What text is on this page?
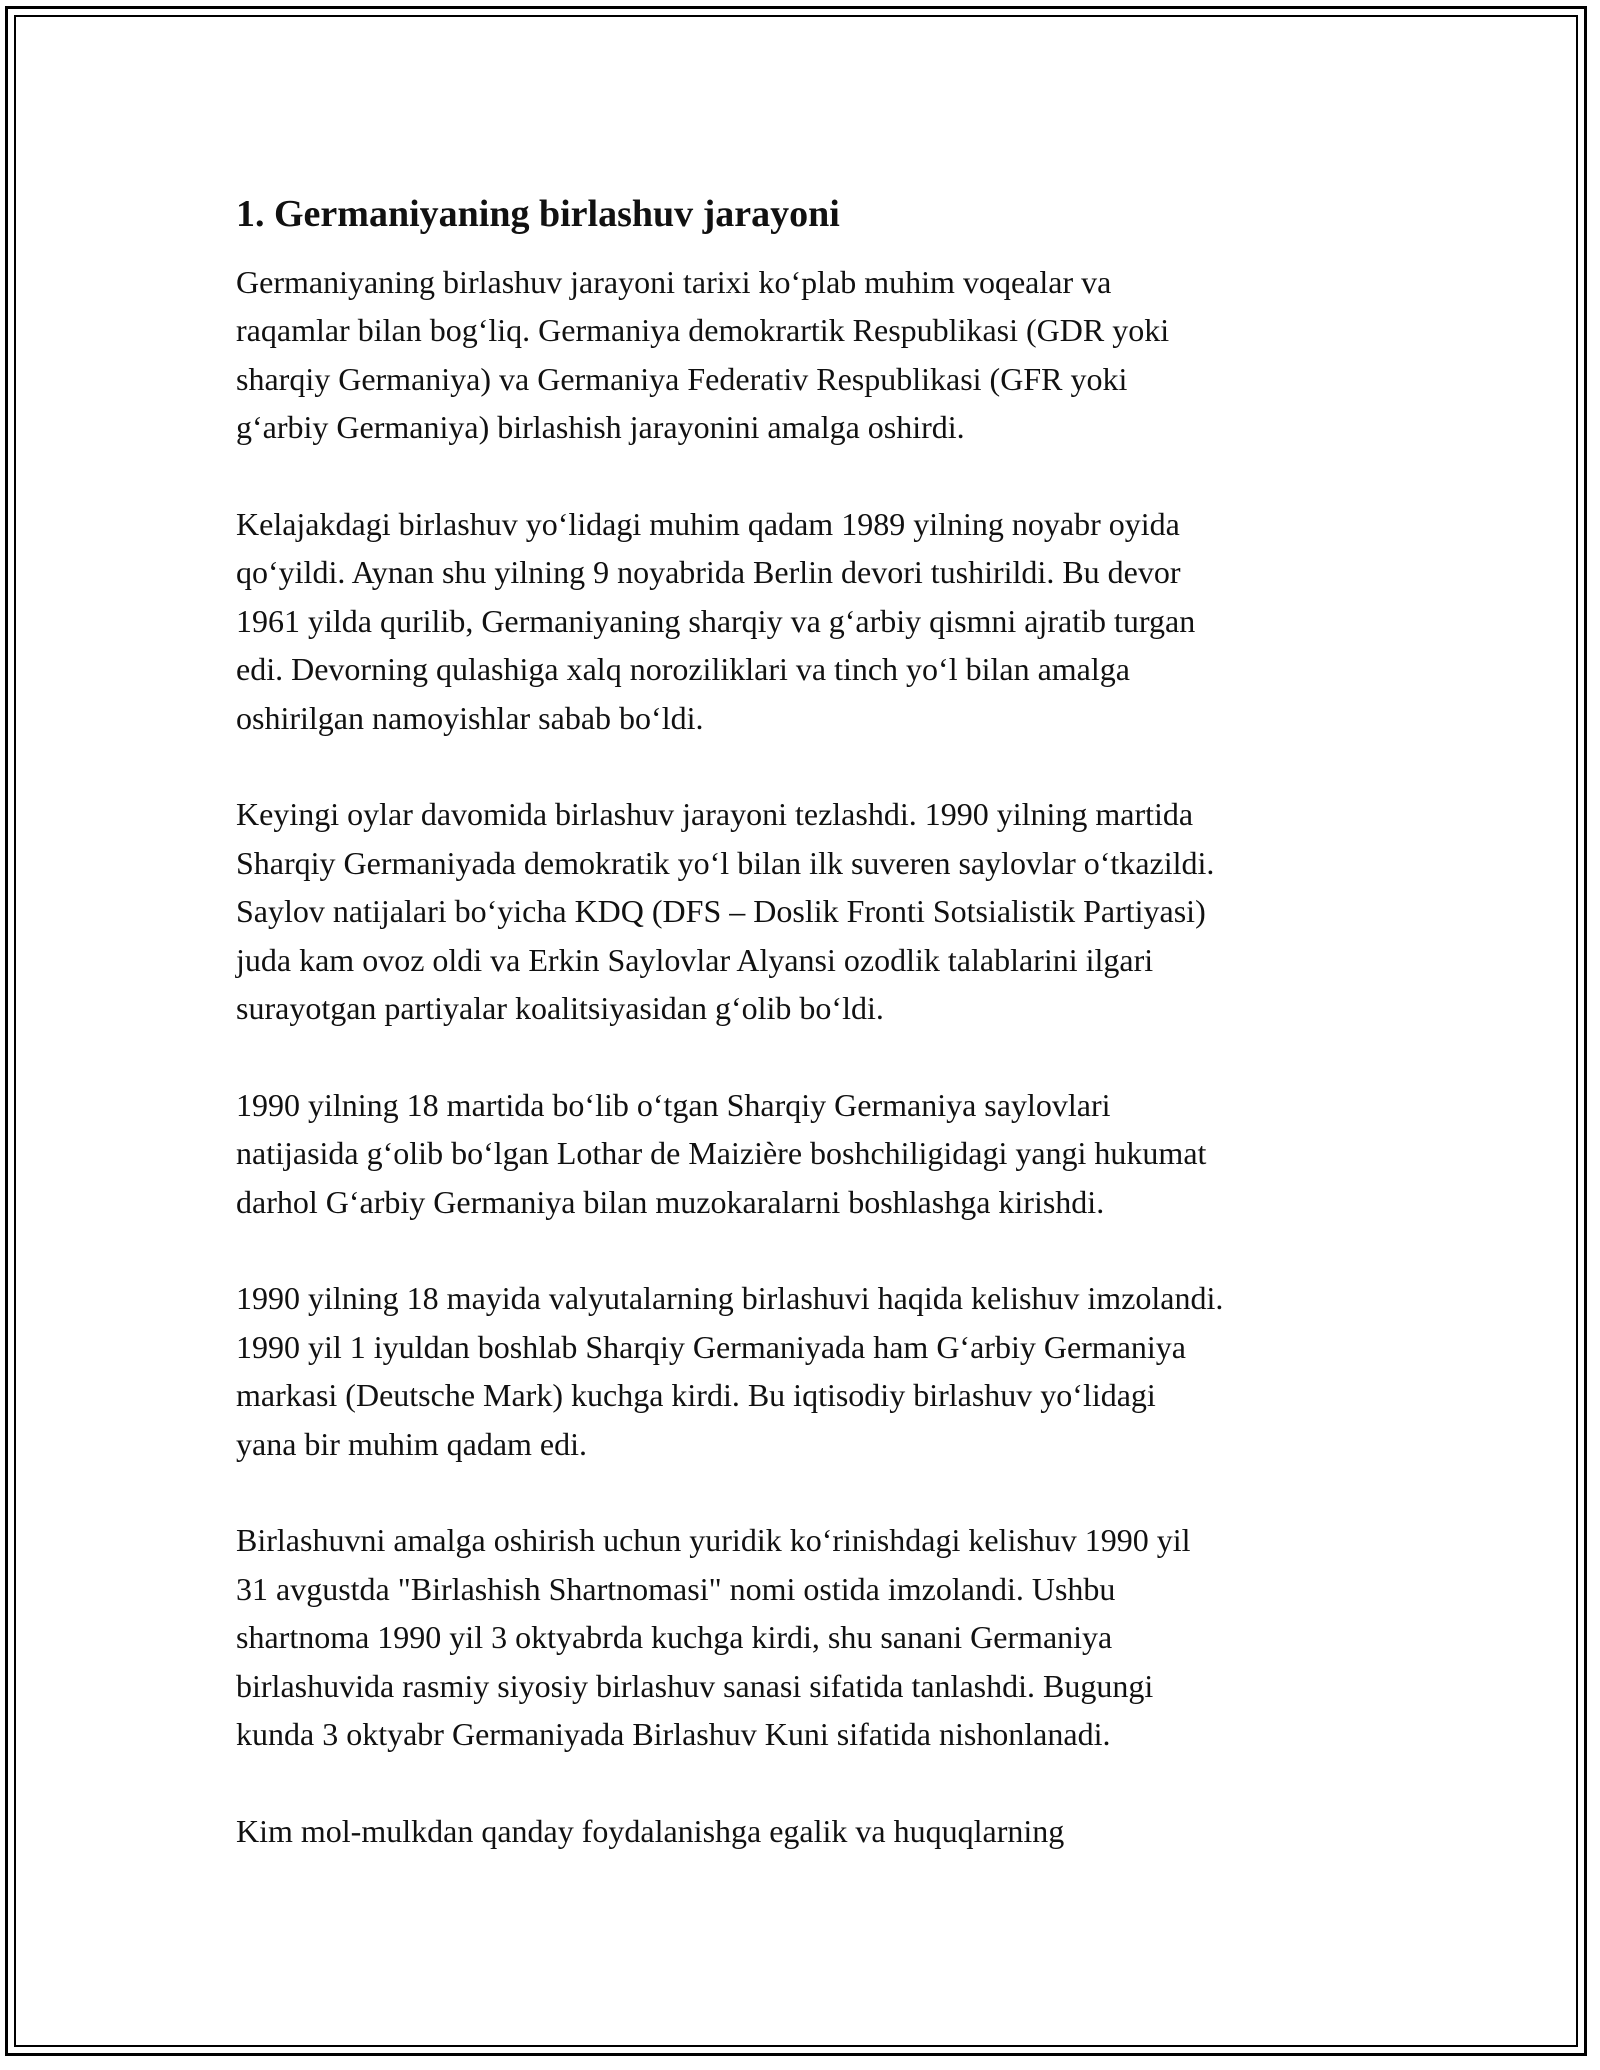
1. Germaniyaning birlashuv jarayoni

Germaniyaning birlashuv jarayoni tarixi koʻplab muhim voqealar va
raqamlar bilan bogʻliq. Germaniya demokrartik Respublikasi (GDR yoki
sharqiy Germaniya) va Germaniya Federativ Respublikasi (GFR yoki
gʻarbiy Germaniya) birlashish jarayonini amalga oshirdi.

Kelajakdagi birlashuv yoʻlidagi muhim qadam 1989 yilning noyabr oyida
qoʻyildi. Aynan shu yilning 9 noyabrida Berlin devori tushirildi. Bu devor
1961 yilda qurilib, Germaniyaning sharqiy va gʻarbiy qismni ajratib turgan
edi. Devorning qulashiga xalq noroziliklari va tinch yoʻl bilan amalga
oshirilgan namoyishlar sabab boʻldi.

Keyingi oylar davomida birlashuv jarayoni tezlashdi. 1990 yilning martida
Sharqiy Germaniyada demokratik yoʻl bilan ilk suveren saylovlar oʻtkazildi.
Saylov natijalari boʻyicha KDQ (DFS – Doslik Fronti Sotsialistik Partiyasi)
juda kam ovoz oldi va Erkin Saylovlar Alyansi ozodlik talablarini ilgari
surayotgan partiyalar koalitsiyasidan gʻolib boʻldi.

1990 yilning 18 martida boʻlib oʻtgan Sharqiy Germaniya saylovlari
natijasida gʻolib boʻlgan Lothar de Maizière boshchiligidagi yangi hukumat
darhol Gʻarbiy Germaniya bilan muzokaralarni boshlashga kirishdi.

1990 yilning 18 mayida valyutalarning birlashuvi haqida kelishuv imzolandi.
1990 yil 1 iyuldan boshlab Sharqiy Germaniyada ham Gʻarbiy Germaniya
markasi (Deutsche Mark) kuchga kirdi. Bu iqtisodiy birlashuv yoʻlidagi
yana bir muhim qadam edi.

Birlashuvni amalga oshirish uchun yuridik koʻrinishdagi kelishuv 1990 yil
31 avgustda "Birlashish Shartnomasi" nomi ostida imzolandi. Ushbu
shartnoma 1990 yil 3 oktyabrda kuchga kirdi, shu sanani Germaniya
birlashuvida rasmiy siyosiy birlashuv sanasi sifatida tanlashdi. Bugungi
kunda 3 oktyabr Germaniyada Birlashuv Kuni sifatida nishonlanadi.

Kim mol-mulkdan qanday foydalanishga egalik va huquqlarning
